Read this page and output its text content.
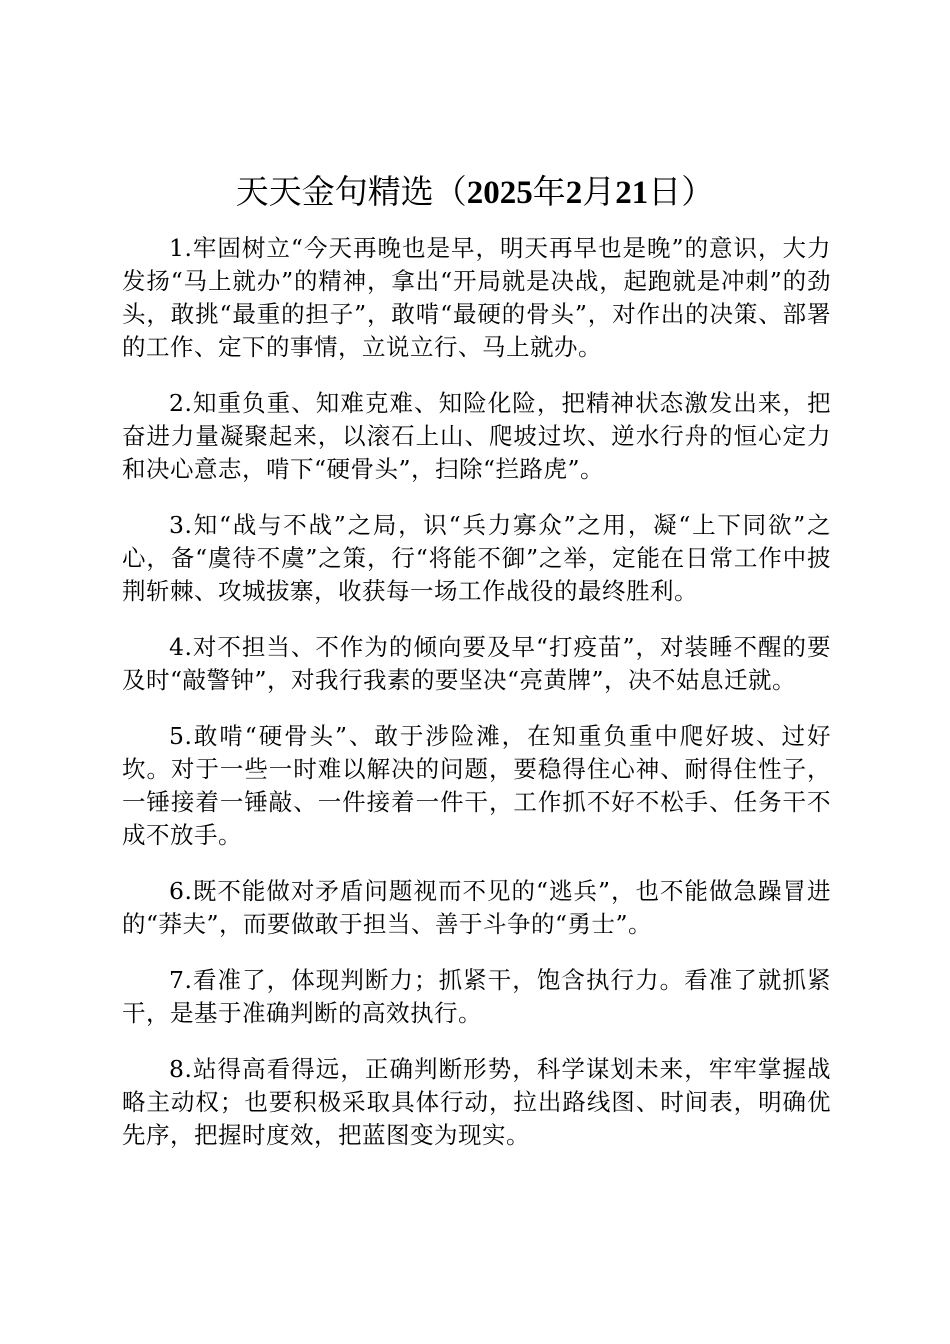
天天金句精选（2025年2月21日）

1.牢固树立“今天再晚也是早，明天再早也是晚”的意识，大力发扬“马上就办”的精神，拿出“开局就是决战，起跑就是冲刺”的劲头，敢挑“最重的担子”，敢啃“最硬的骨头”，对作出的决策、部署的工作、定下的事情，立说立行、马上就办。

2.知重负重、知难克难、知险化险，把精神状态激发出来，把奋进力量凝聚起来，以滚石上山、爬坡过坎、逆水行舟的恒心定力和决心意志，啃下“硬骨头”，扫除“拦路虎”。

3.知“战与不战”之局，识“兵力寡众”之用，凝“上下同欲”之心，备“虞待不虞”之策，行“将能不御”之举，定能在日常工作中披荆斩棘、攻城拔寨，收获每一场工作战役的最终胜利。

4.对不担当、不作为的倾向要及早“打疫苗”，对装睡不醒的要及时“敲警钟”，对我行我素的要坚决“亮黄牌”，决不姑息迁就。

5.敢啃“硬骨头”、敢于涉险滩，在知重负重中爬好坡、过好坎。对于一些一时难以解决的问题，要稳得住心神、耐得住性子，一锤接着一锤敲、一件接着一件干，工作抓不好不松手、任务干不成不放手。

6.既不能做对矛盾问题视而不见的“逃兵”，也不能做急躁冒进的“莽夫”，而要做敢于担当、善于斗争的“勇士”。

7.看准了，体现判断力；抓紧干，饱含执行力。看准了就抓紧干，是基于准确判断的高效执行。

8.站得高看得远，正确判断形势，科学谋划未来，牢牢掌握战略主动权；也要积极采取具体行动，拉出路线图、时间表，明确优先序，把握时度效，把蓝图变为现实。
